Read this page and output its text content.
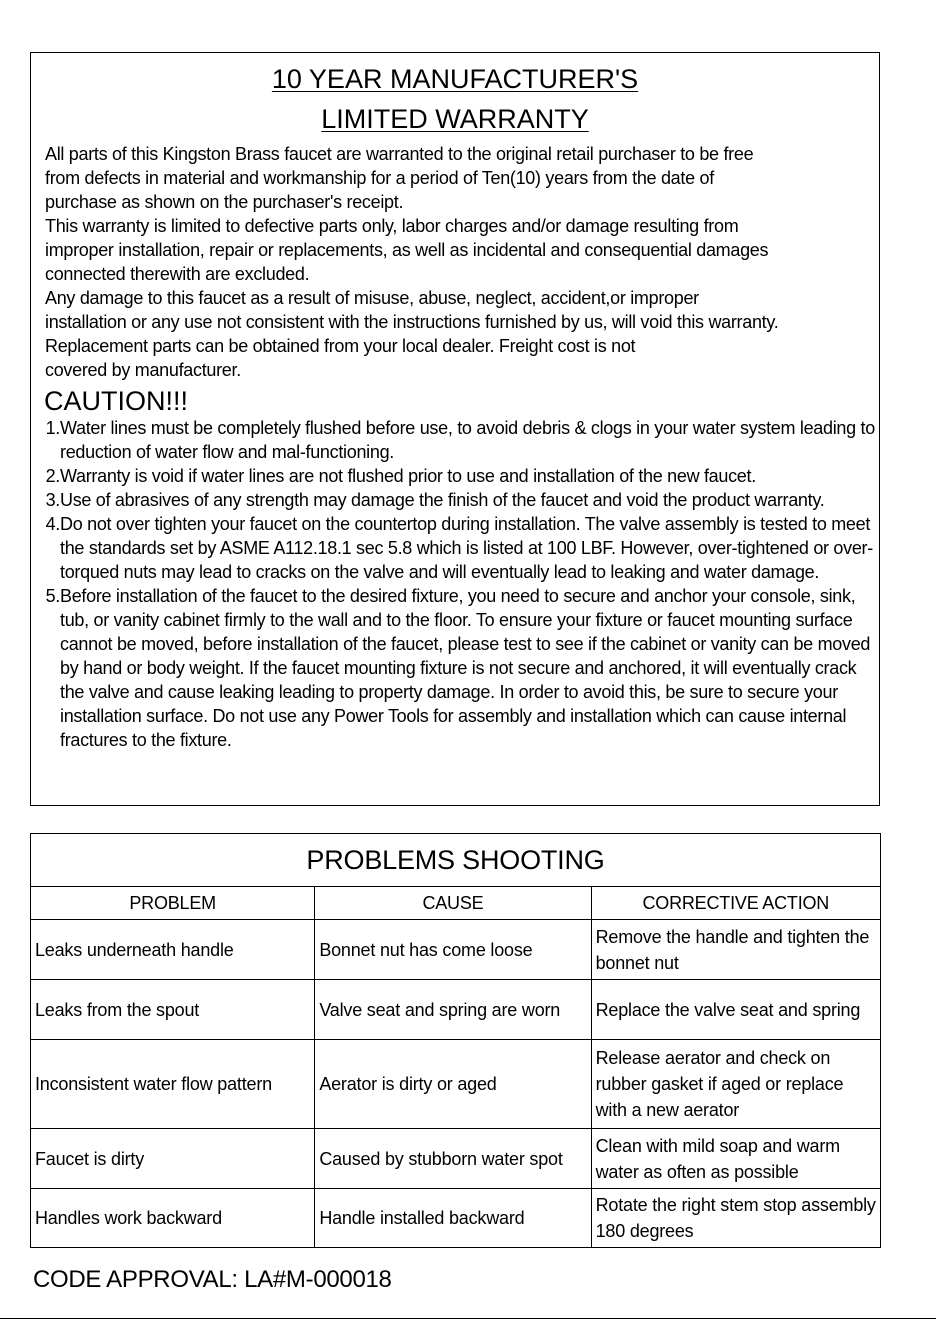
10 YEAR MANUFACTURER'S
LIMITED WARRANTY

All parts of this Kingston Brass faucet are warranted to the original retail purchaser to be free

from defects in material and workmanship for a period of Ten(10) years from the date of

purchase as shown on the purchaser's receipt.

This warranty is limited to defective parts only, labor charges and/or damage resulting from

improper installation, repair or replacements, as well as incidental and consequential damages

connected therewith are excluded.

Any damage to this faucet as a result of misuse, abuse, neglect, accident,or improper

installation or any use not consistent with the instructions furnished by us, will void this warranty.

Replacement parts can be obtained from your local dealer. Freight cost is not

covered by manufacturer.

CAUTION!!!
1. Water lines must be completely flushed before use, to avoid debris & clogs in your water system leading to reduction of water flow and mal-functioning.
2. Warranty is void if water lines are not flushed prior to use and installation of the new faucet.
3. Use of abrasives of any strength may damage the finish of the faucet and void the product warranty.
4. Do not over tighten your faucet on the countertop during installation. The valve assembly is tested to meet the standards set by ASME A112.18.1 sec 5.8 which is listed at 100 LBF. However, over-tightened or over-torqued nuts may lead to cracks on the valve and will eventually lead to leaking and water damage.
5. Before installation of the faucet to the desired fixture, you need to secure and anchor your console, sink, tub, or vanity cabinet firmly to the wall and to the floor. To ensure your fixture or faucet mounting surface cannot be moved, before installation of the faucet, please test to see if the cabinet or vanity can be moved by hand or body weight. If the faucet mounting fixture is not secure and anchored, it will eventually crack the valve and cause leaking leading to property damage. In order to avoid this, be sure to secure your installation surface. Do not use any Power Tools for assembly and installation which can cause internal fractures to the fixture.
PROBLEMS SHOOTING		
PROBLEM	CAUSE	CORRECTIVE ACTION
Leaks underneath handle	Bonnet nut has come loose	Remove the handle and tighten the bonnet nut
Leaks from the spout	Valve seat and spring are worn	Replace the valve seat and spring
Inconsistent water flow pattern	Aerator is dirty or aged	Release aerator and check on rubber gasket if aged or replace with a new aerator
Faucet is dirty	Caused by stubborn water spot	Clean with mild soap and warm water as often as possible
Handles work backward	Handle installed backward	Rotate the right stem stop assembly 180 degrees
CODE APPROVAL: LA#M-000018
